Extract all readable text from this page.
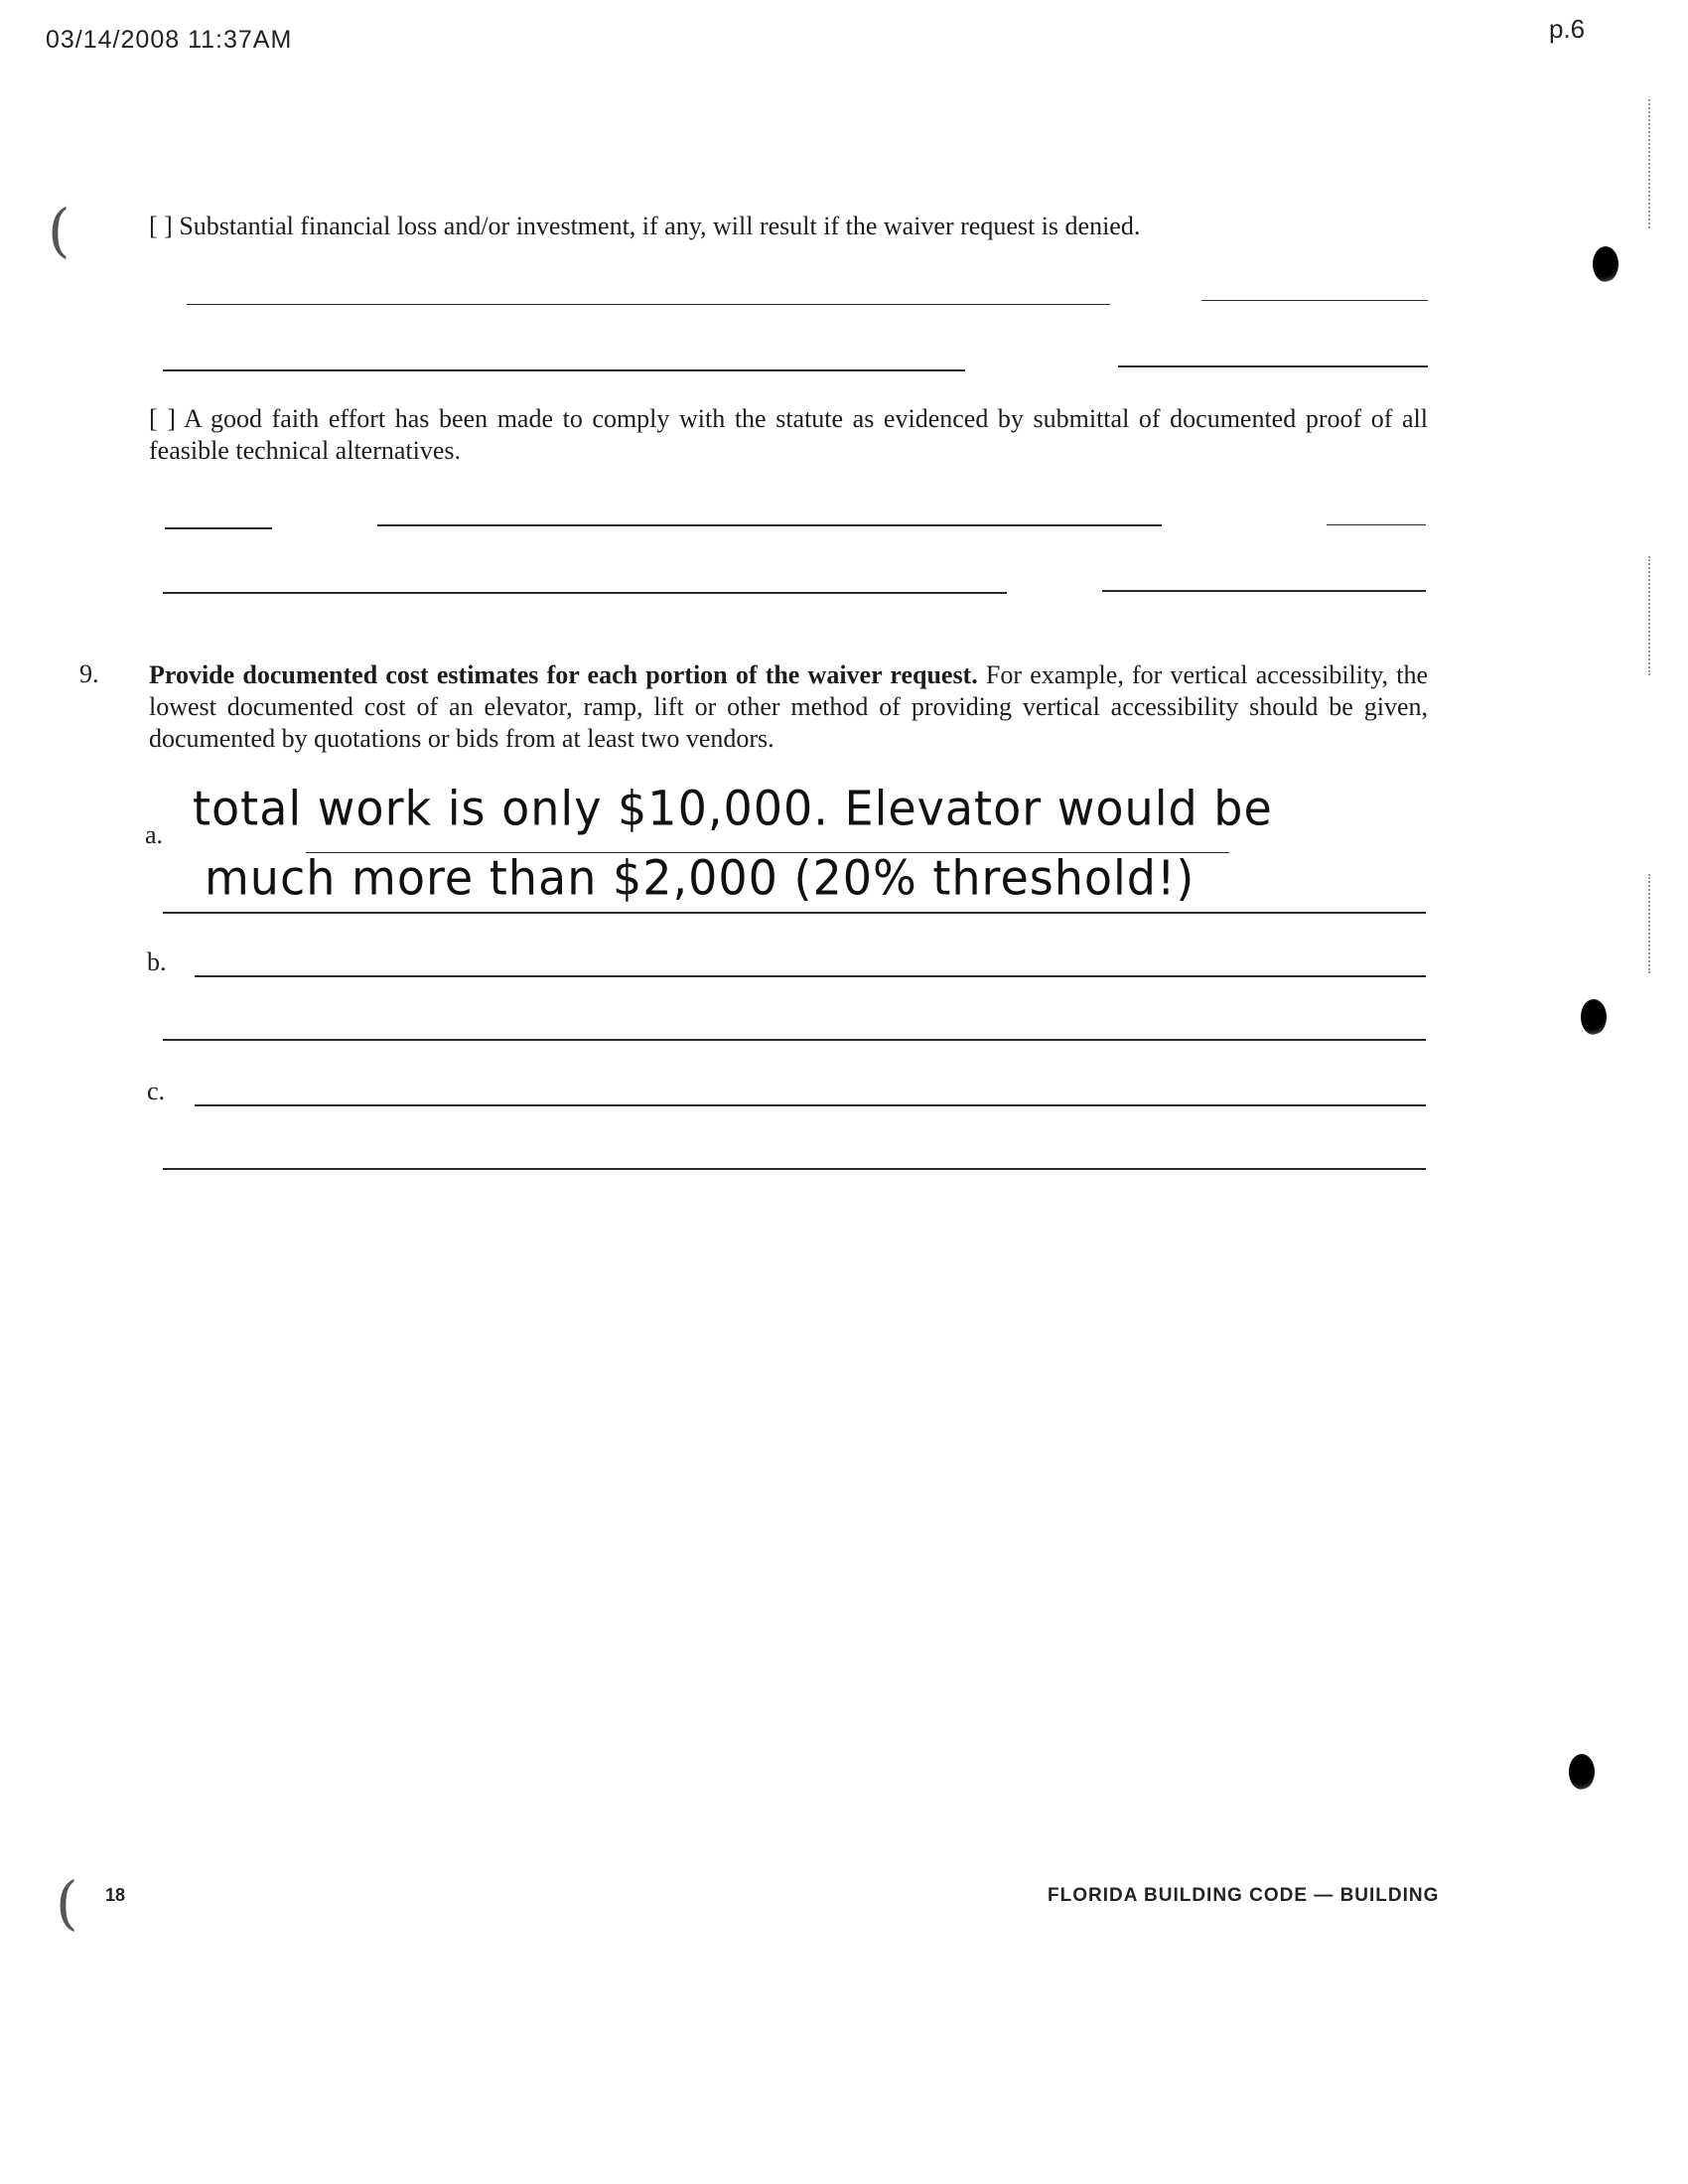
03/14/2008 11:37AM	p.6
(
(
[ ] Substantial financial loss and/or investment, if any, will result if the waiver request is denied.
[ ] A good faith effort has been made to comply with the statute as evidenced by submittal of documented proof of all feasible technical alternatives.
9. Provide documented cost estimates for each portion of the waiver request. For example, for vertical accessibility, the lowest documented cost of an elevator, ramp, lift or other method of providing vertical accessibility should be given, documented by quotations or bids from at least two vendors.
a. total work is only $10,000. Elevator would be
much more than $2,000 (20% threshold!)
b.
c.
18	FLORIDA BUILDING CODE — BUILDING
